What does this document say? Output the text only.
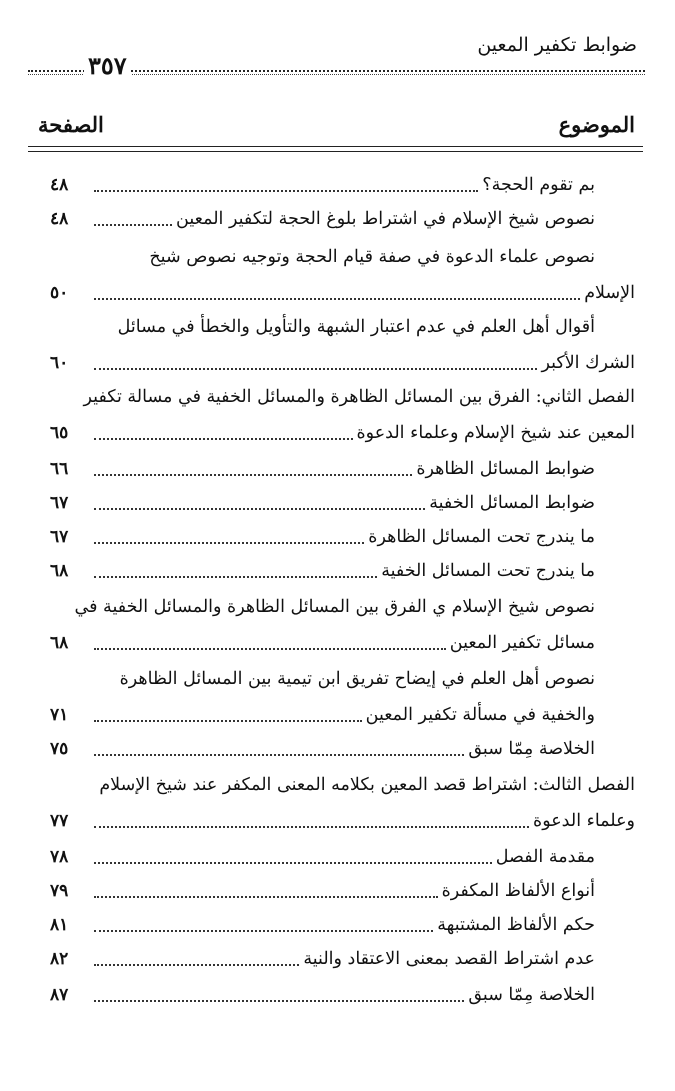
ضوابط تكفير المعين
٣٥٧
الموضوع
الصفحة
بم تقوم الحجة؟
٤٨
نصوص شيخ الإسلام في اشتراط بلوغ الحجة لتكفير المعين
٤٨
نصوص علماء الدعوة في صفة قيام الحجة وتوجيه نصوص شيخ
الإسلام
٥٠
أقوال أهل العلم في عدم اعتبار الشبهة والتأويل والخطأ في مسائل
الشرك الأكبر
٦٠
الفصل الثاني: الفرق بين المسائل الظاهرة والمسائل الخفية في مسالة تكفير
المعين عند شيخ الإسلام وعلماء الدعوة
٦٥
ضوابط المسائل الظاهرة
٦٦
ضوابط المسائل الخفية
٦٧
ما يندرج تحت المسائل الظاهرة
٦٧
ما يندرج تحت المسائل الخفية
٦٨
نصوص شيخ الإسلام ي الفرق بين المسائل الظاهرة والمسائل الخفية في
مسائل تكفير المعين
٦٨
نصوص أهل العلم في إيضاح تفريق ابن تيمية بين المسائل الظاهرة
والخفية في مسألة تكفير المعين
٧١
الخلاصة مِمّا سبق
٧٥
الفصل الثالث: اشتراط قصد المعين بكلامه المعنى المكفر عند شيخ الإسلام
وعلماء الدعوة
٧٧
مقدمة الفصل
٧٨
أنواع الألفاظ المكفرة
٧٩
حكم الألفاظ المشتبهة
٨١
عدم اشتراط القصد بمعنى الاعتقاد والنية
٨٢
الخلاصة مِمّا سبق
٨٧
